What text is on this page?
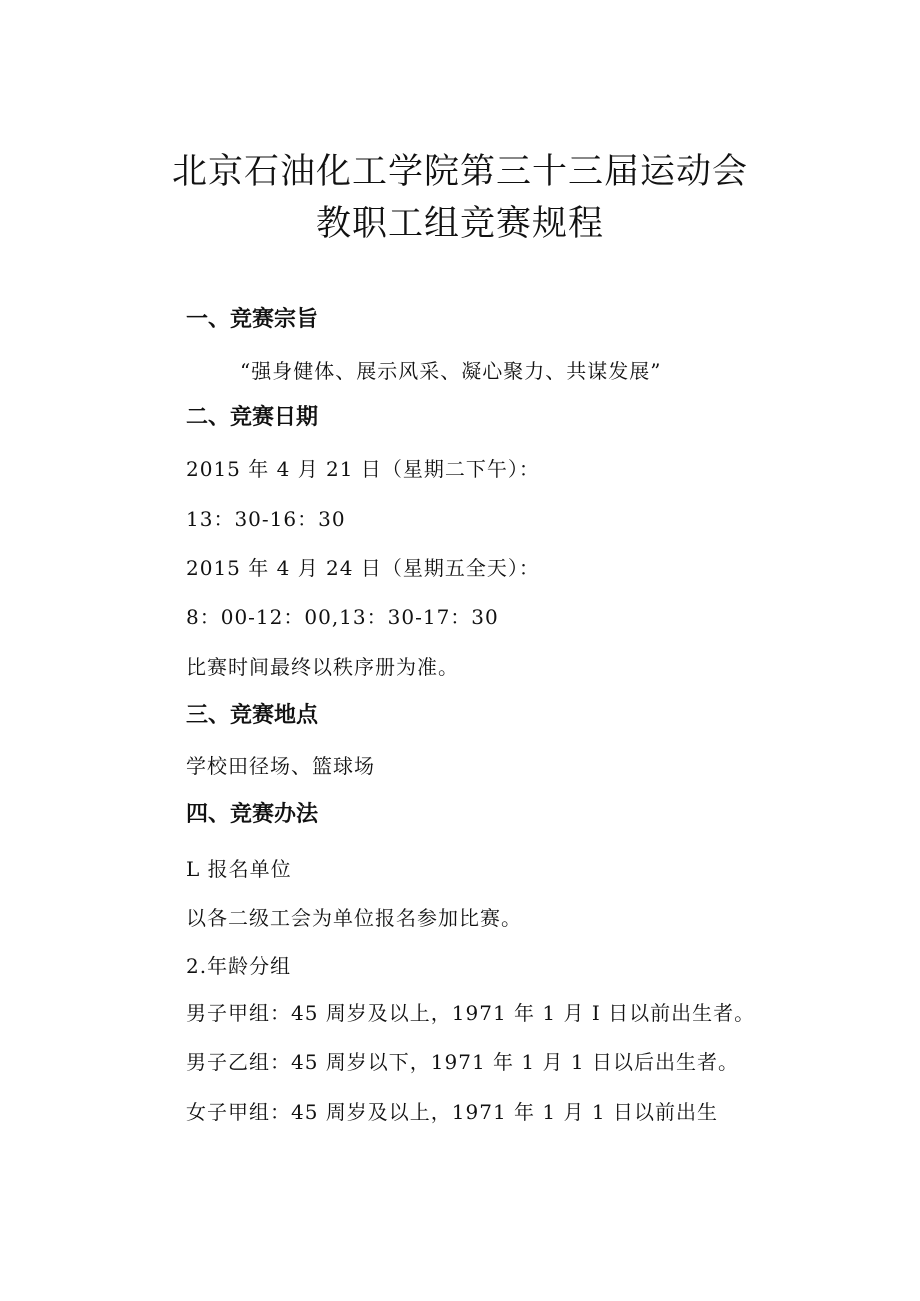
北京石油化工学院第三十三届运动会
教职工组竞赛规程
一、竞赛宗旨
“强身健体、展示风采、凝心聚力、共谋发展”
二、竞赛日期
2015 年 4 月 21 日（星期二下午）：
13：30-16：30
2015 年 4 月 24 日（星期五全天）：
8：00-12：00,13：30-17：30
比赛时间最终以秩序册为准。
三、竞赛地点
学校田径场、篮球场
四、竞赛办法
L 报名单位
以各二级工会为单位报名参加比赛。
2.年龄分组
男子甲组：45 周岁及以上，1971 年 1 月 I 日以前出生者。
男子乙组：45 周岁以下，1971 年 1 月 1 日以后出生者。
女子甲组：45 周岁及以上，1971 年 1 月 1 日以前出生
